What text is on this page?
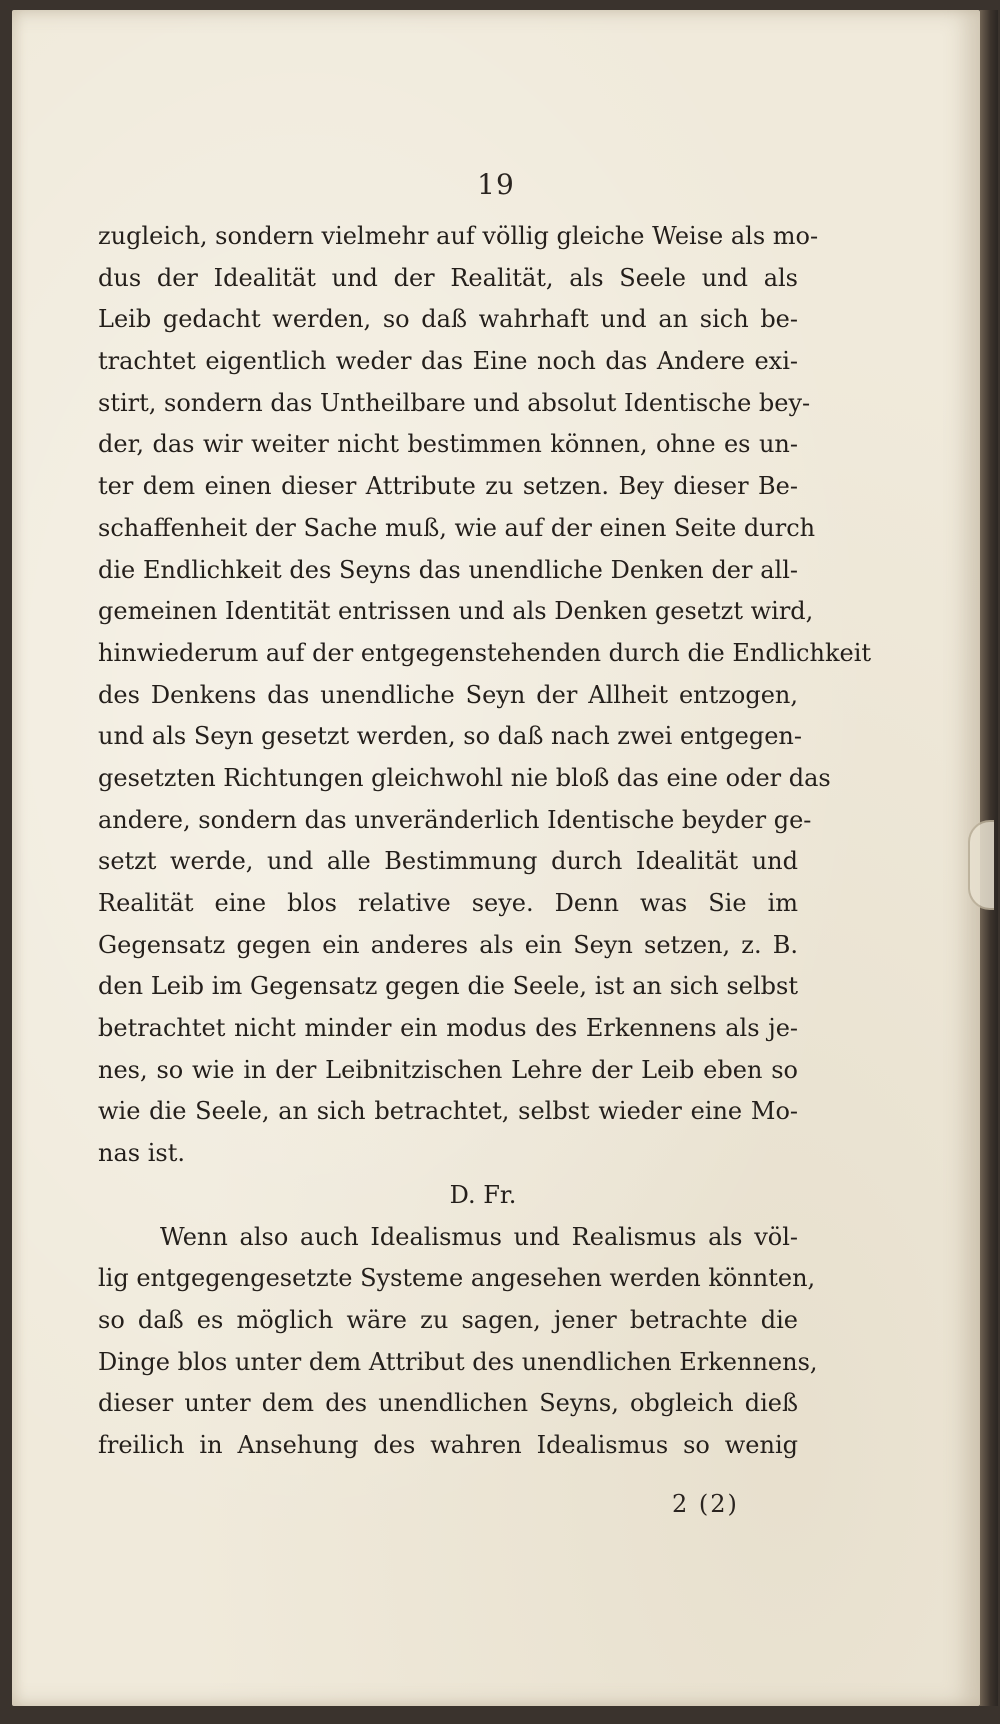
19
zugleich, sondern vielmehr auf völlig gleiche Weise als mo-
dus der Idealität und der Realität, als Seele und als
Leib gedacht werden, so daß wahrhaft und an sich be-
trachtet eigentlich weder das Eine noch das Andere exi-
stirt, sondern das Untheilbare und absolut Identische bey-
der, das wir weiter nicht bestimmen können, ohne es un-
ter dem einen dieser Attribute zu setzen. Bey dieser Be-
schaffenheit der Sache muß, wie auf der einen Seite durch
die Endlichkeit des Seyns das unendliche Denken der all-
gemeinen Identität entrissen und als Denken gesetzt wird,
hinwiederum auf der entgegenstehenden durch die Endlichkeit
des Denkens das unendliche Seyn der Allheit entzogen,
und als Seyn gesetzt werden, so daß nach zwei entgegen-
gesetzten Richtungen gleichwohl nie bloß das eine oder das
andere, sondern das unveränderlich Identische beyder ge-
setzt werde, und alle Bestimmung durch Idealität und
Realität eine blos relative seye. Denn was Sie im
Gegensatz gegen ein anderes als ein Seyn setzen, z. B.
den Leib im Gegensatz gegen die Seele, ist an sich selbst
betrachtet nicht minder ein modus des Erkennens als je-
nes, so wie in der Leibnitzischen Lehre der Leib eben so
wie die Seele, an sich betrachtet, selbst wieder eine Mo-
nas ist.
D. Fr.
Wenn also auch Idealismus und Realismus als völ-
lig entgegengesetzte Systeme angesehen werden könnten,
so daß es möglich wäre zu sagen, jener betrachte die
Dinge blos unter dem Attribut des unendlichen Erkennens,
dieser unter dem des unendlichen Seyns, obgleich dieß
freilich in Ansehung des wahren Idealismus so wenig
2 (2)
